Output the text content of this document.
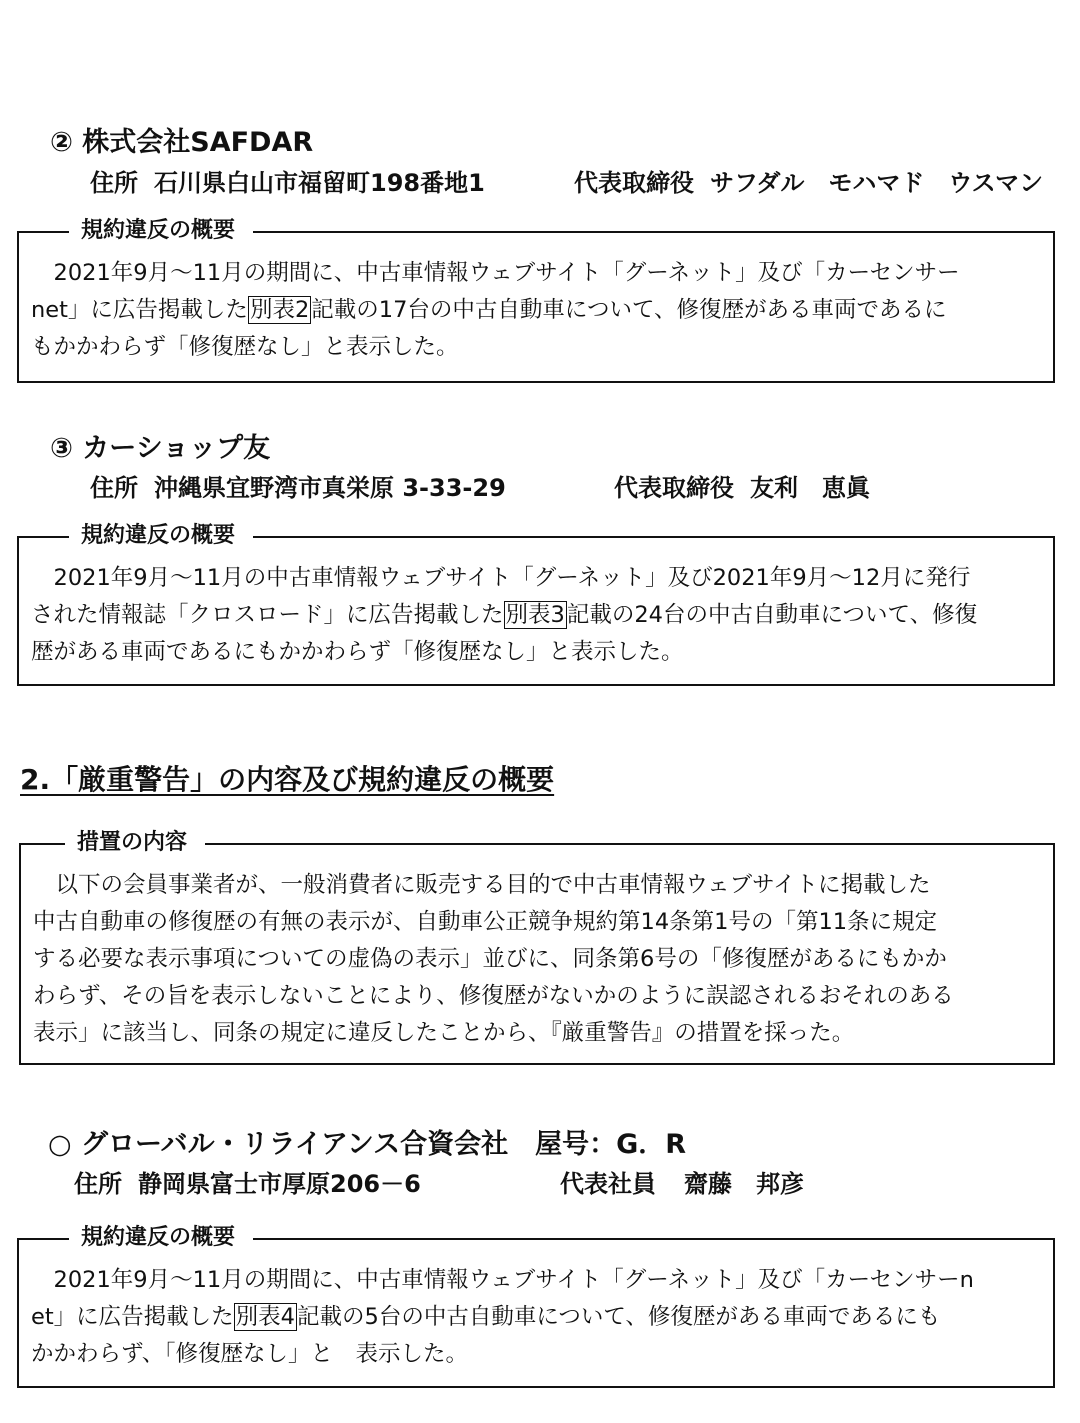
② 株式会社SAFDAR
住所 石川県白山市福留町198番地1	代表取締役 サフダル　モハマド　ウスマン
規約違反の概要

　2021年9月～11月の期間に、中古車情報ウェブサイト「グーネット」及び「カーセンサー

net」に広告掲載した別表2記載の17台の中古自動車について、修復歴がある車両であるに

もかかわらず「修復歴なし」と表示した。

③ カーショップ友
住所 沖縄県宜野湾市真栄原 3-33-29	代表取締役 友利　恵眞
規約違反の概要

　2021年9月～11月の中古車情報ウェブサイト「グーネット」及び2021年9月～12月に発行

された情報誌「クロスロード」に広告掲載した別表3記載の24台の中古自動車について、修復

歴がある車両であるにもかかわらず「修復歴なし」と表示した。

2.「厳重警告」の内容及び規約違反の概要
措置の内容

　以下の会員事業者が、一般消費者に販売する目的で中古車情報ウェブサイトに掲載した

中古自動車の修復歴の有無の表示が、自動車公正競争規約第14条第1号の「第11条に規定

する必要な表示事項についての虚偽の表示」並びに、同条第6号の「修復歴があるにもかか

わらず、その旨を表示しないことにより、修復歴がないかのように誤認されるおそれのある

表示」に該当し、同条の規定に違反したことから、『厳重警告』の措置を採った。

○ グローバル・リライアンス合資会社　屋号：G．R
住所 静岡県富士市厚原206－6	代表社員 齋藤　邦彦
規約違反の概要

　2021年9月～11月の期間に、中古車情報ウェブサイト「グーネット」及び「カーセンサーn

et」に広告掲載した別表4記載の5台の中古自動車について、修復歴がある車両であるにも

かかわらず、「修復歴なし」と　表示した。
